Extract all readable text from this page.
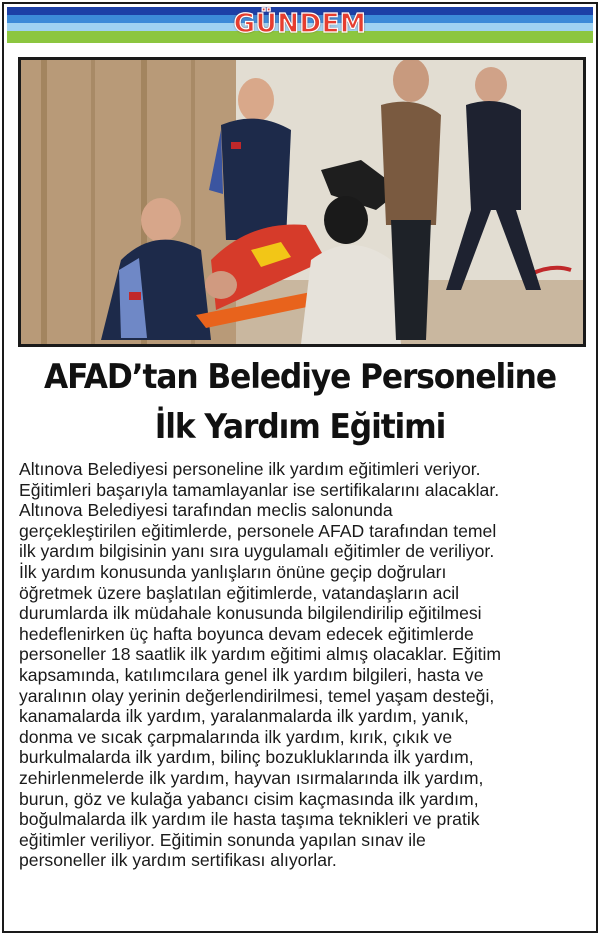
GÜNDEM
AFAD’tan Belediye Personeline
İlk Yardım Eğitimi
Altınova Belediyesi personeline ilk yardım eğitimleri veriyor.
Eğitimleri başarıyla tamamlayanlar ise sertifikalarını alacaklar.
Altınova Belediyesi tarafından meclis salonunda
gerçekleştirilen eğitimlerde, personele AFAD tarafından temel
ilk yardım bilgisinin yanı sıra uygulamalı eğitimler de veriliyor.
İlk yardım konusunda yanlışların önüne geçip doğruları
öğretmek üzere başlatılan eğitimlerde, vatandaşların acil
durumlarda ilk müdahale konusunda bilgilendirilip eğitilmesi
hedeflenirken üç hafta boyunca devam edecek eğitimlerde
personeller 18 saatlik ilk yardım eğitimi almış olacaklar. Eğitim
kapsamında, katılımcılara genel ilk yardım bilgileri, hasta ve
yaralının olay yerinin değerlendirilmesi, temel yaşam desteği,
kanamalarda ilk yardım, yaralanmalarda ilk yardım, yanık,
donma ve sıcak çarpmalarında ilk yardım, kırık, çıkık ve
burkulmalarda ilk yardım, bilinç bozukluklarında ilk yardım,
zehirlenmelerde ilk yardım, hayvan ısırmalarında ilk yardım,
burun, göz ve kulağa yabancı cisim kaçmasında ilk yardım,
boğulmalarda ilk yardım ile hasta taşıma teknikleri ve pratik
eğitimler veriliyor. Eğitimin sonunda yapılan sınav ile
personeller ilk yardım sertifikası alıyorlar.
